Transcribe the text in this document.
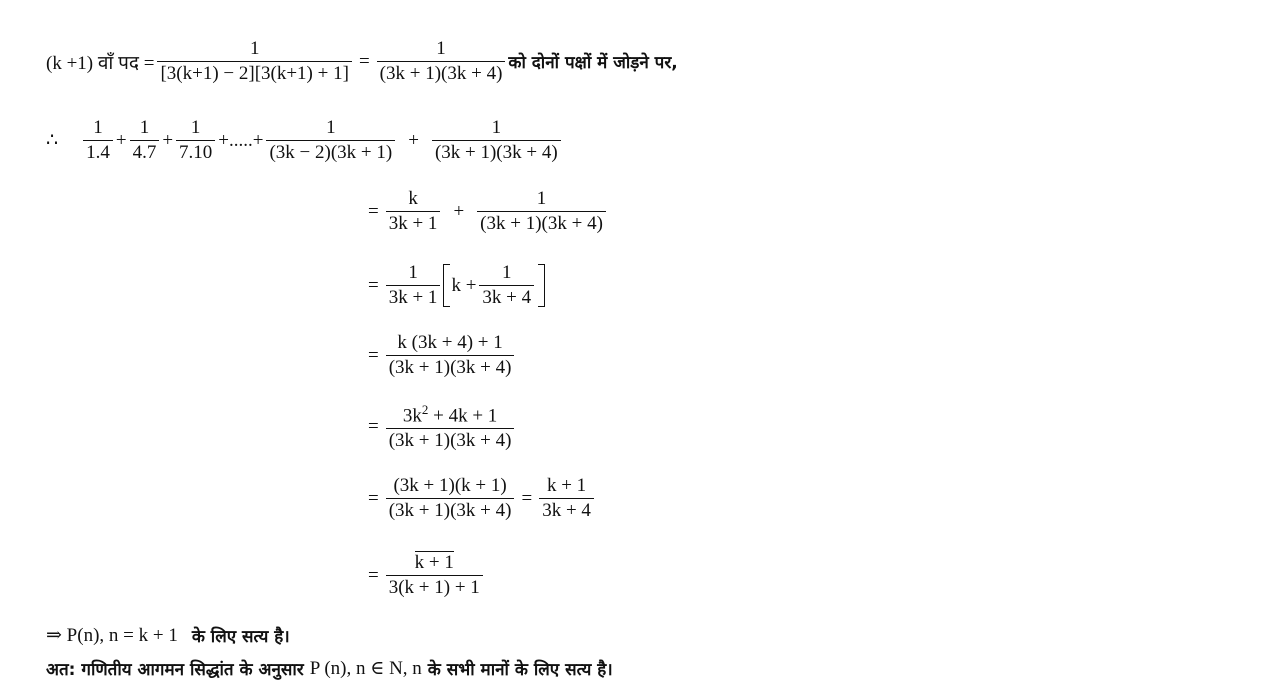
(k +1) वाँ पद = $\frac{1}{[3(k+1) - 2][3(k+1) + 1]} = \frac{1}{(3k + 1)(3k + 4)}$ को दोनों पक्षों में जोड़ने पर,
∴ $\frac{1}{1.4} + \frac{1}{4.7} + \frac{1}{7.10}$ +.....+ $\frac{1}{(3k - 2)(3k + 1)} + \frac{1}{(3k + 1)(3k + 4)}$
= $\frac{k}{3k + 1} + \frac{1}{(3k + 1)(3k + 4)}$
= $\frac{1}{3k + 1}$ $k + \frac{1}{3k + 4}$
= $\frac{k (3k + 4) + 1}{(3k + 1)(3k + 4)}$
= $\frac{3k^2 + 4k + 1}{(3k + 1)(3k + 4)}$
= $\frac{(3k + 1)(k + 1)}{(3k + 1)(3k + 4)} = \frac{k + 1}{3k + 4}$
= $\frac{k + 1}{3(k + 1) + 1}$
⇒ P(n), n = k + 1 के लिए सत्य है।
अत: गणितीय आगमन सिद्धांत के अनुसार P (n), n ∈ N, n के सभी मानों के लिए सत्य है।
